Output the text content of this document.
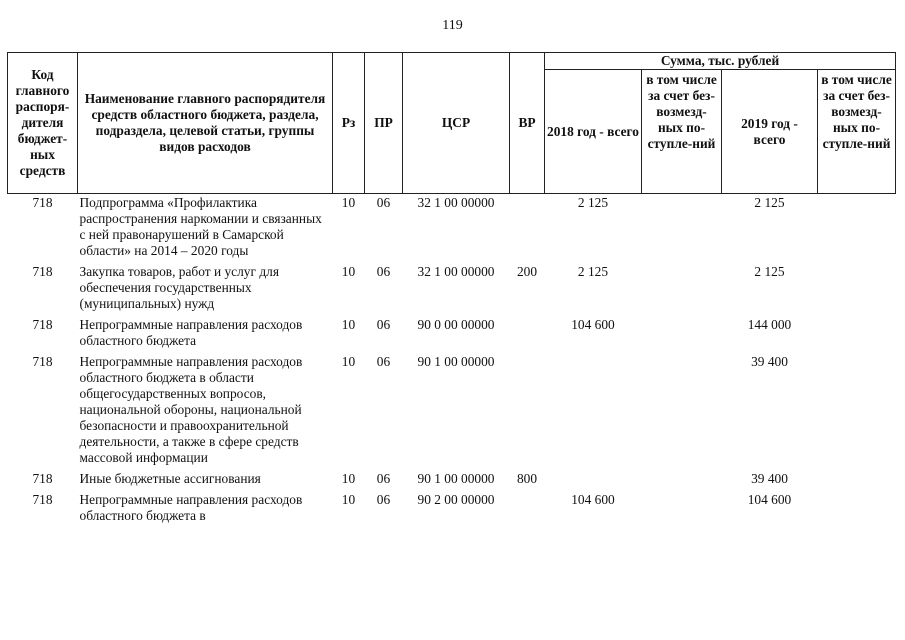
119
Код главного распоря-дителя бюджет-ных средств	Наименование главного распорядителя средств областного бюджета, раздела, подраздела, целевой статьи, группы видов расходов	Рз	ПР	ЦСР	ВР	Сумма, тыс. рублей			
						2018 год - всего	в том числе за счет без-возмезд-ных по-ступле-ний	2019 год - всего	в том числе за счет без-возмезд-ных по-ступле-ний
718	Подпрограмма «Профилактика распространения наркомании и связанных с ней правонарушений в Самарской области» на 2014 – 2020 годы	10	06	32 1 00 00000		2 125		2 125	
718	Закупка товаров, работ и услуг для обеспечения государственных (муниципальных) нужд	10	06	32 1 00 00000	200	2 125		2 125	
718	Непрограммные направления расходов областного бюджета	10	06	90 0 00 00000		104 600		144 000	
718	Непрограммные направления расходов областного бюджета в области общегосударственных вопросов, национальной обороны, национальной безопасности и правоохранительной деятельности, а также в сфере средств массовой информации	10	06	90 1 00 00000				39 400	
718	Иные бюджетные ассигнования	10	06	90 1 00 00000	800			39 400	
718	Непрограммные направления расходов областного бюджета в	10	06	90 2 00 00000		104 600		104 600	
